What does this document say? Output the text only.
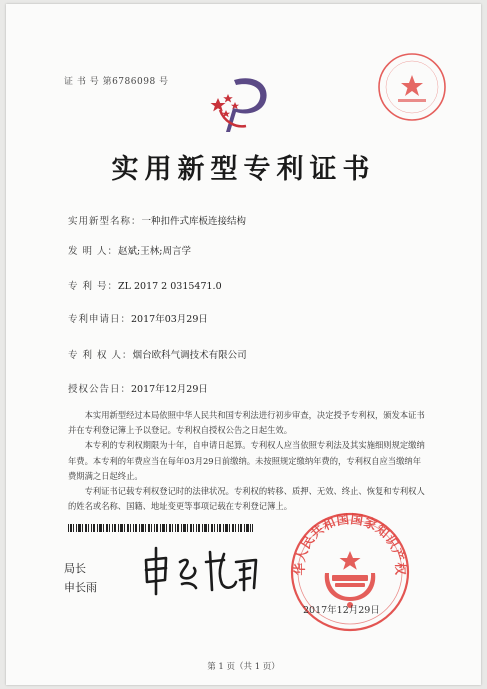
证 书 号 第6786098 号
实用新型专利证书
实用新型名称：一种扣件式库板连接结构
发 明 人：赵斌;王林;周言学
专 利 号：ZL 2017 2 0315471.0
专利申请日：2017年03月29日
专 利 权 人：烟台欧科气调技术有限公司
授权公告日：2017年12月29日

本实用新型经过本局依照中华人民共和国专利法进行初步审查，决定授予专利权，颁发本证书并在专利登记簿上予以登记。专利权自授权公告之日起生效。

本专利的专利权期限为十年，自申请日起算。专利权人应当依照专利法及其实施细则规定缴纳年费。本专利的年费应当在每年03月29日前缴纳。未按照规定缴纳年费的，专利权自应当缴纳年费期满之日起终止。

专利证书记载专利权登记时的法律状况。专利权的转移、质押、无效、终止、恢复和专利权人的姓名或名称、国籍、地址变更等事项记载在专利登记簿上。

局长
申长雨
华人民共和国国家知识产权
2017年12月29日
第 1 页（共 1 页）
